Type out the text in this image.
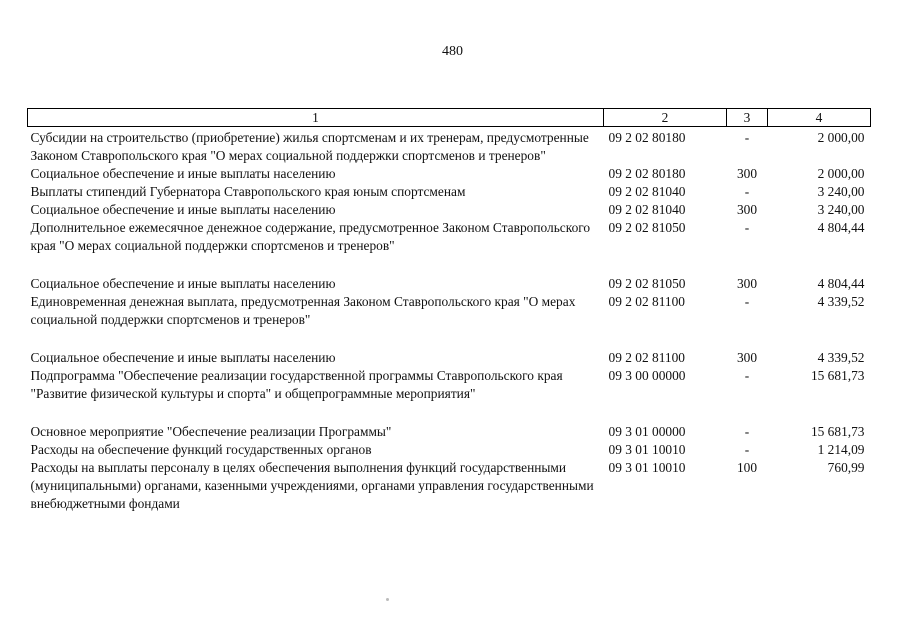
480
1	2	3	4
Субсидии на строительство (приобретение) жилья спортсменам и их тренерам, предусмотренные Законом Ставропольского края "О мерах социальной поддержки спортсменов и тренеров"	09 2 02 80180	-	2 000,00
Социальное обеспечение и иные выплаты населению	09 2 02 80180	300	2 000,00
Выплаты стипендий Губернатора Ставропольского края юным спортсменам	09 2 02 81040	-	3 240,00
Социальное обеспечение и иные выплаты населению	09 2 02 81040	300	3 240,00
Дополнительное ежемесячное денежное содержание, предусмотренное Законом Ставропольского края "О мерах социальной поддержки спортсменов и тренеров"	09 2 02 81050	-	4 804,44
Социальное обеспечение и иные выплаты населению	09 2 02 81050	300	4 804,44
Единовременная денежная выплата, предусмотренная Законом Ставропольского края "О мерах социальной поддержки спортсменов и тренеров"	09 2 02 81100	-	4 339,52
Социальное обеспечение и иные выплаты населению	09 2 02 81100	300	4 339,52
Подпрограмма "Обеспечение реализации государственной программы Ставропольского края "Развитие физической культуры и спорта" и общепрограммные мероприятия"	09 3 00 00000	-	15 681,73
Основное мероприятие "Обеспечение реализации Программы"	09 3 01 00000	-	15 681,73
Расходы на обеспечение функций государственных органов	09 3 01 10010	-	1 214,09
Расходы на выплаты персоналу в целях обеспечения выполнения функций государственными (муниципальными) органами, казенными учреждениями, органами управления государственными внебюджетными фондами	09 3 01 10010	100	760,99
